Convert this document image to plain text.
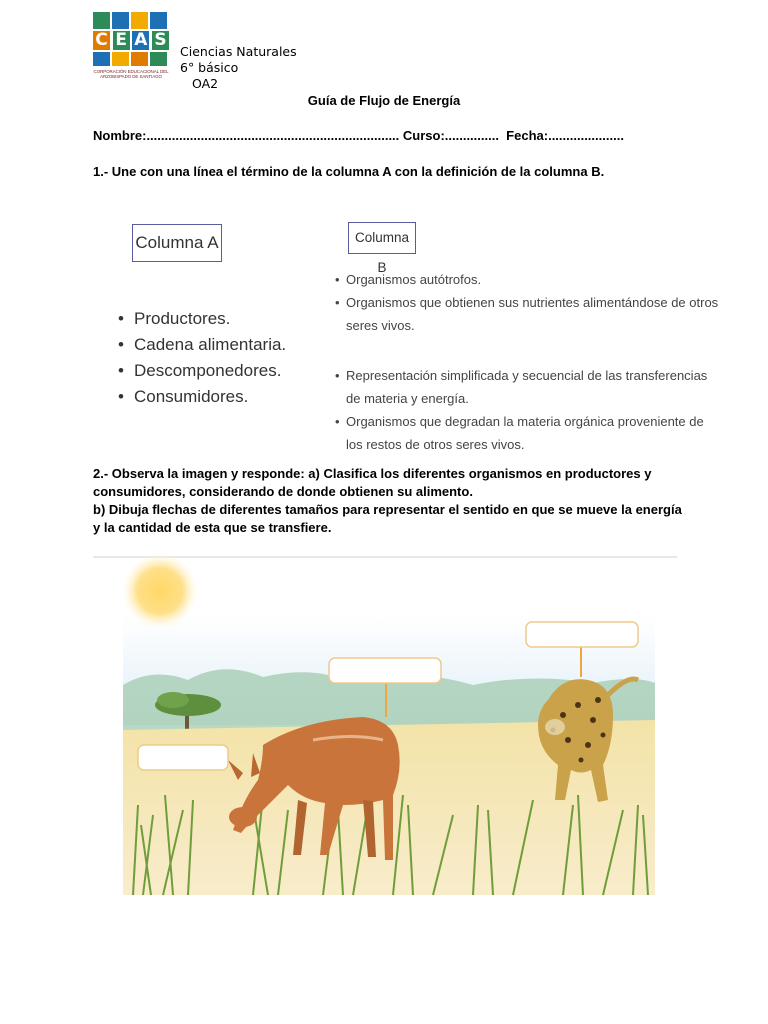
C E A S
CORPORACIÓN EDUCACIONAL DEL ARZOBISPADO DE SANTIAGO
Ciencias Naturales
6° básico
OA2
Guía de Flujo de Energía
Nombre:...................................................................... Curso:...............  Fecha:.....................
1.- Une con una línea el término de la columna A con la definición de la columna B.
Columna A	Columna B
• Productores.
• Cadena alimentaria.
• Descomponedores.
• Consumidores.
• Organismos autótrofos.
• Organismos que obtienen sus nutrientes alimentándose de otros seres vivos.
• Representación simplificada y secuencial de las transferencias de materia y energía.
• Organismos que degradan la materia orgánica proveniente de los restos de otros seres vivos.
2.- Observa la imagen y responde: a) Clasifica los diferentes organismos en productores y consumidores, considerando de donde obtienen su alimento.
b) Dibuja flechas de diferentes tamaños para representar el sentido en que se mueve la energía y la cantidad de esta que se transfiere.
